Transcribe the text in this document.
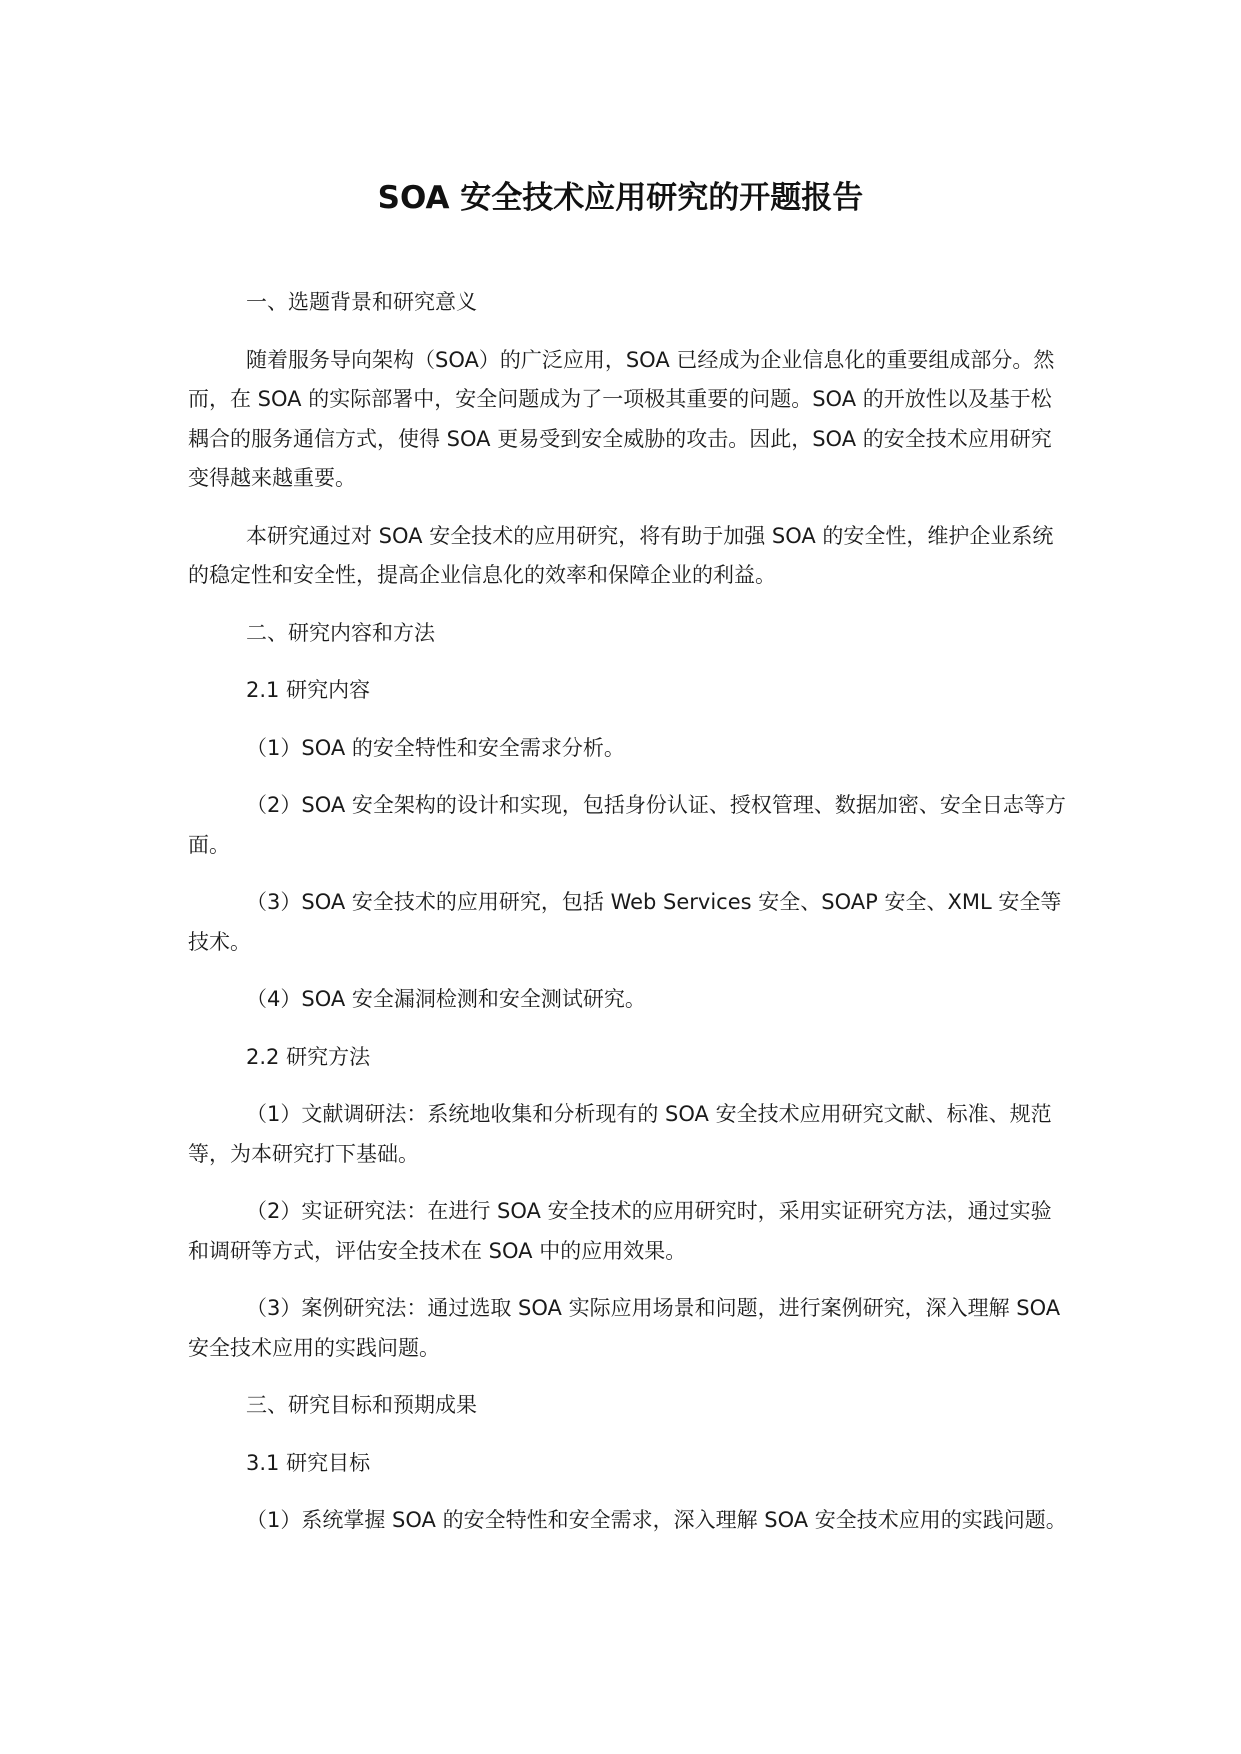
SOA 安全技术应用研究的开题报告

一、选题背景和研究意义

随着服务导向架构（SOA）的广泛应用，SOA 已经成为企业信息化的重要组成部分。然而，在 SOA 的实际部署中，安全问题成为了一项极其重要的问题。SOA 的开放性以及基于松耦合的服务通信方式，使得 SOA 更易受到安全威胁的攻击。因此，SOA 的安全技术应用研究变得越来越重要。

本研究通过对 SOA 安全技术的应用研究，将有助于加强 SOA 的安全性，维护企业系统的稳定性和安全性，提高企业信息化的效率和保障企业的利益。

二、研究内容和方法

2.1 研究内容

（1）SOA 的安全特性和安全需求分析。

（2）SOA 安全架构的设计和实现，包括身份认证、授权管理、数据加密、安全日志等方面。

（3）SOA 安全技术的应用研究，包括 Web Services 安全、SOAP 安全、XML 安全等技术。

（4）SOA 安全漏洞检测和安全测试研究。

2.2 研究方法

（1）文献调研法：系统地收集和分析现有的 SOA 安全技术应用研究文献、标准、规范等，为本研究打下基础。

（2）实证研究法：在进行 SOA 安全技术的应用研究时，采用实证研究方法，通过实验和调研等方式，评估安全技术在 SOA 中的应用效果。

（3）案例研究法：通过选取 SOA 实际应用场景和问题，进行案例研究，深入理解 SOA 安全技术应用的实践问题。

三、研究目标和预期成果

3.1 研究目标

（1）系统掌握 SOA 的安全特性和安全需求，深入理解 SOA 安全技术应用的实践问题。
